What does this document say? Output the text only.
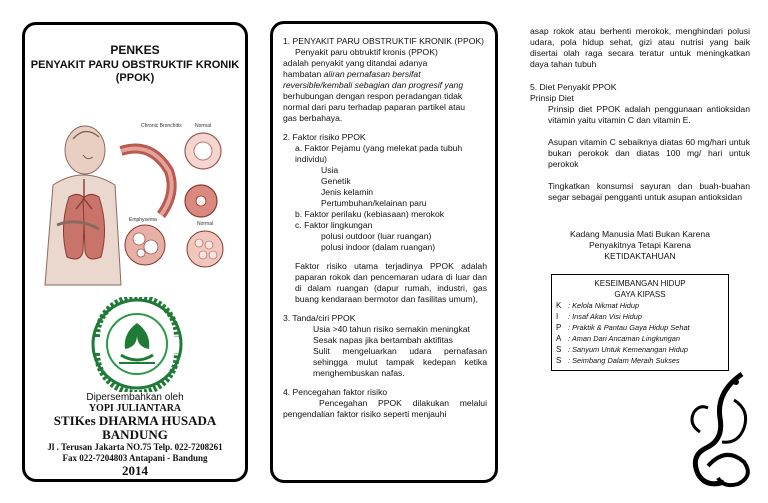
PENKES
PENYAKIT PARU OBSTRUKTIF KRONIK (PPOK)
Chronic Bronchitis	Normal
Emphysema
Normal
Dipersembahkan oleh
YOPI JULIANTARA
STIKes DHARMA HUSADA BANDUNG
Jl . Terusan Jakarta NO.75 Telp. 022-7208261
Fax 022-7204803 Antapani - Bandung
2014
1. PENYAKIT PARU OBSTRUKTIF KRONIK (PPOK)
Penyakit paru obtruktif kronis (PPOK)
adalah penyakit yang ditandai adanya
hambatan aliran pernafasan bersifat
reversible/kembali sebagian dan progresif yang
berhubungan dengan respon peradangan tidak
normal dari paru terhadap paparan partikel atau
gas berbahaya.
2. Faktor risiko PPOK
a. Faktor Pejamu (yang melekat pada tubuh individu)
Usia
Genetik
Jenis kelamin
Pertumbuhan/kelainan paru
b. Faktor perilaku (kebiasaan) merokok
c. Faktor lingkungan
polusi outdoor (luar ruangan)
polusi indoor (dalam ruangan)
Faktor risiko utama terjadinya PPOK adalah paparan rokok dan pencemaran udara di luar dan di dalam ruangan (dapur rumah, industri, gas buang kendaraan bermotor dan fasilitas umum),
3. Tanda/ciri PPOK
Usia >40 tahun risiko semakin meningkat
Sesak napas jika bertambah aktifitas
Sulit mengeluarkan udara pernafasan sehingga mulut tampak kedepan ketika menghembuskan nafas.
4. Pencegahan faktor risiko
Pencegahan PPOK dilakukan melalui pengendalian faktor risiko seperti menjauhi
asap rokok atau berhenti merokok, menghindari polusi udara, pola hidup sehat, gizi atau nutrisi yang baik disertai olah raga secara teratur untuk meningkatkan daya tahan tubuh
5. Diet Penyakit PPOK
Prinsip Diet
Prinsip diet PPOK adalah penggunaan antioksidan vitamin yaitu vitamin C dan vitamin E.
Asupan vitamin C sebaiknya diatas 60 mg/hari untuk bukan perokok dan diatas 100 mg/ hari untuk perokok
Tingkatkan konsumsi sayuran dan buah-buahan segar sebagai pengganti untuk asupan antioksidan
Kadang Manusia Mati Bukan Karena
Penyakitnya Tetapi Karena
KETIDAKTAHUAN
KESEIMBANGAN HIDUP
GAYA KIPASS
K : Kelola Nikmat Hidup
I	: Insaf Akan Visi Hidup
P : Praktik & Pantau Gaya Hidup Sehat
A : Aman Dari Ancaman Lingkungan
S : Sanyum Untuk Kemenangan Hidup
S : Seimbang Dalam Meraih Sukses
